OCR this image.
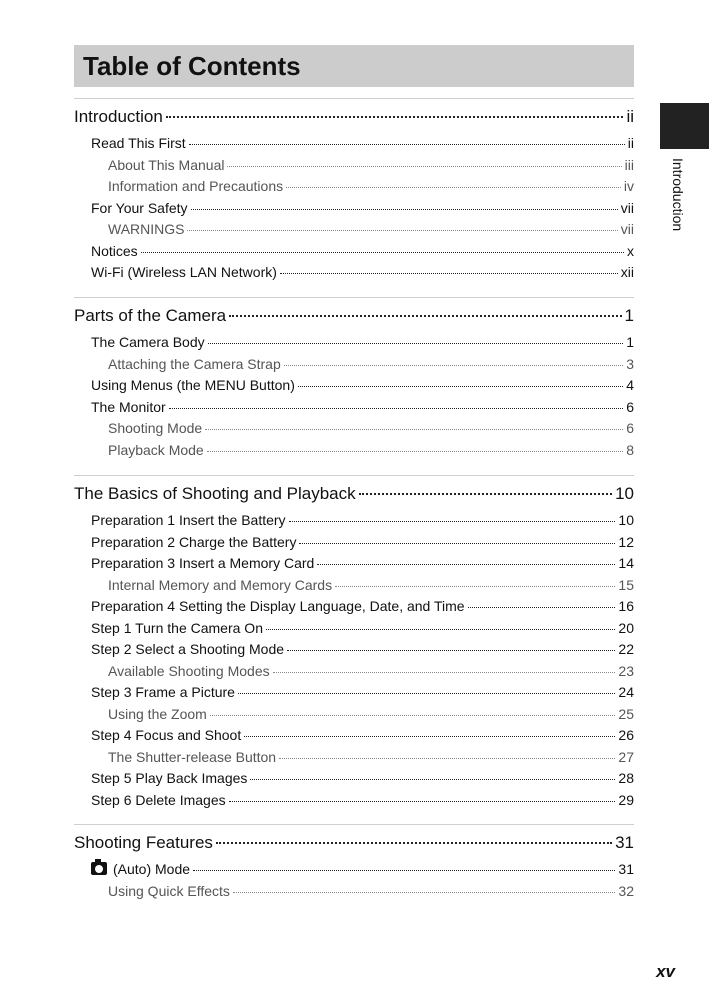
Table of Contents
Introduction
Introduction	ii
Read This First	ii
About This Manual	iii
Information and Precautions	iv
For Your Safety	vii
WARNINGS	vii
Notices	x
Wi-Fi (Wireless LAN Network)	xii
Parts of the Camera	1
The Camera Body	1
Attaching the Camera Strap	3
Using Menus (the MENU Button)	4
The Monitor	6
Shooting Mode	6
Playback Mode	8
The Basics of Shooting and Playback	10
Preparation 1 Insert the Battery	10
Preparation 2 Charge the Battery	12
Preparation 3 Insert a Memory Card	14
Internal Memory and Memory Cards	15
Preparation 4 Setting the Display Language, Date, and Time	16
Step 1 Turn the Camera On	20
Step 2 Select a Shooting Mode	22
Available Shooting Modes	23
Step 3 Frame a Picture	24
Using the Zoom	25
Step 4 Focus and Shoot	26
The Shutter-release Button	27
Step 5 Play Back Images	28
Step 6 Delete Images	29
Shooting Features	31
(Auto) Mode	31
Using Quick Effects	32
xv
